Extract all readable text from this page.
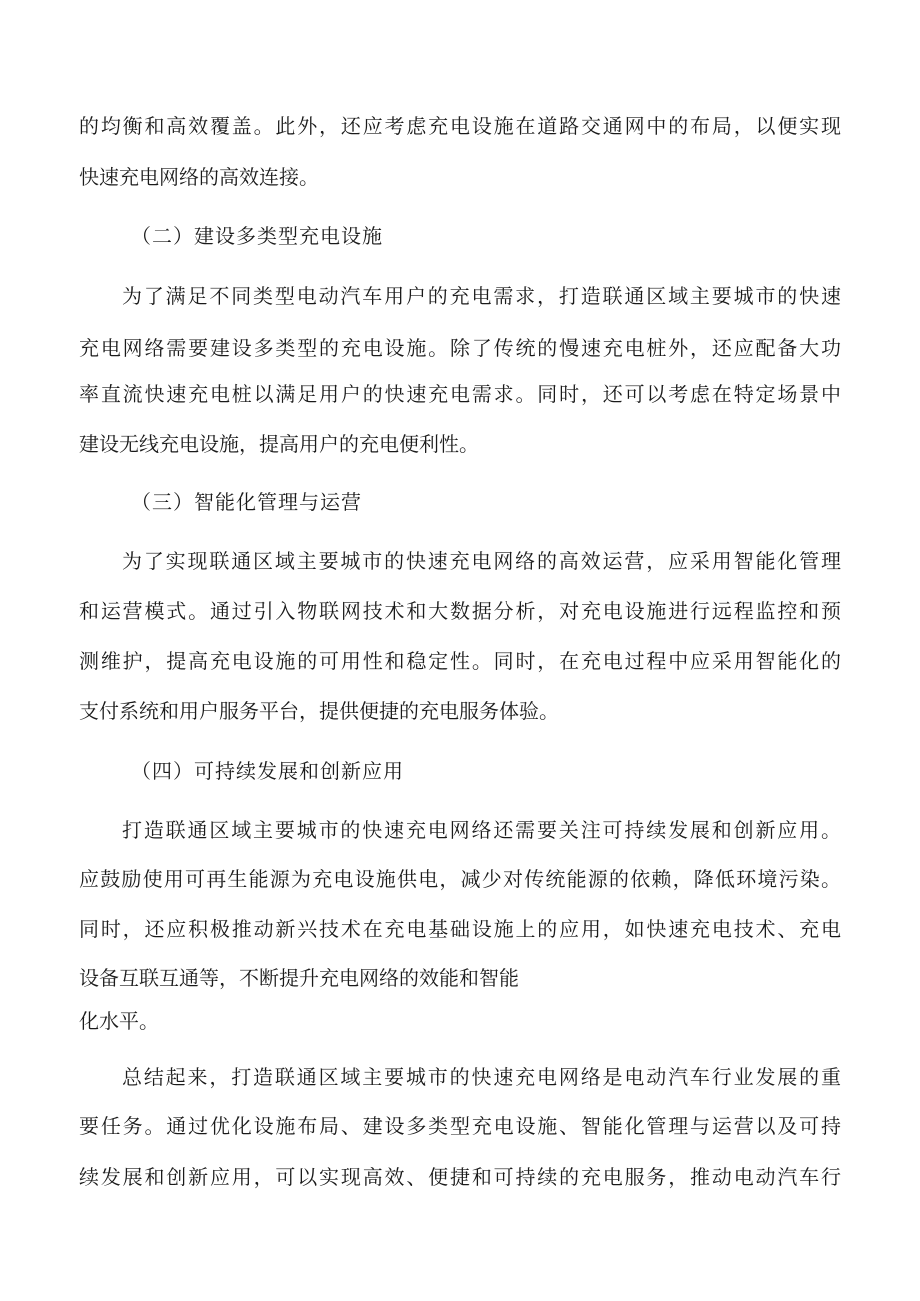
的均衡和高效覆盖。此外，还应考虑充电设施在道路交通网中的布局，以便实现
快速充电网络的高效连接。
（二）建设多类型充电设施
为了满足不同类型电动汽车用户的充电需求，打造联通区域主要城市的快速
充电网络需要建设多类型的充电设施。除了传统的慢速充电桩外，还应配备大功
率直流快速充电桩以满足用户的快速充电需求。同时，还可以考虑在特定场景中
建设无线充电设施，提高用户的充电便利性。
（三）智能化管理与运营
为了实现联通区域主要城市的快速充电网络的高效运营，应采用智能化管理
和运营模式。通过引入物联网技术和大数据分析，对充电设施进行远程监控和预
测维护，提高充电设施的可用性和稳定性。同时，在充电过程中应采用智能化的
支付系统和用户服务平台，提供便捷的充电服务体验。
（四）可持续发展和创新应用
打造联通区域主要城市的快速充电网络还需要关注可持续发展和创新应用。
应鼓励使用可再生能源为充电设施供电，减少对传统能源的依赖，降低环境污染。
同时，还应积极推动新兴技术在充电基础设施上的应用，如快速充电技术、充电
设备互联互通等，不断提升充电网络的效能和智能
化水平。
总结起来，打造联通区域主要城市的快速充电网络是电动汽车行业发展的重
要任务。通过优化设施布局、建设多类型充电设施、智能化管理与运营以及可持
续发展和创新应用，可以实现高效、便捷和可持续的充电服务，推动电动汽车行
